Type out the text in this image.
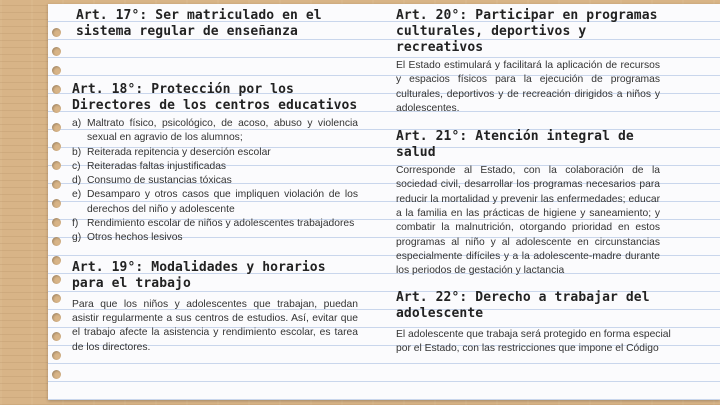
Art. 17°: Ser matriculado en el sistema regular de enseñanza
Art. 18°: Protección por los Directores de los centros educativos
a) Maltrato físico, psicológico, de acoso, abuso y violencia sexual en agravio de los alumnos;
b) Reiterada repitencia y deserción escolar
c) Reiteradas faltas injustificadas
d) Consumo de sustancias tóxicas
e) Desamparo y otros casos que impliquen violación de los derechos del niño y adolescente
f) Rendimiento escolar de niños y adolescentes trabajadores
g) Otros hechos lesivos
Art. 19°: Modalidades y horarios para el trabajo

Para que los niños y adolescentes que trabajan, puedan asistir regularmente a sus centros de estudios. Así, evitar que el trabajo afecte la asistencia y rendimiento escolar, es tarea de los directores.

Art. 20°: Participar en programas culturales, deportivos y recreativos

El Estado estimulará y facilitará la aplicación de recursos y espacios físicos para la ejecución de programas culturales, deportivos y de recreación dirigidos a niños y adolescentes.

Art. 21°: Atención integral de salud

Corresponde al Estado, con la colaboración de la sociedad civil, desarrollar los programas necesarios para reducir la mortalidad y prevenir las enfermedades; educar a la familia en las prácticas de higiene y saneamiento; y combatir la malnutrición, otorgando prioridad en estos programas al niño y al adolescente en circunstancias especialmente difíciles y a la adolescente-madre durante los periodos de gestación y lactancia

Art. 22°: Derecho a trabajar del adolescente

El adolescente que trabaja será protegido en forma especial por el Estado, con las restricciones que impone el Código
